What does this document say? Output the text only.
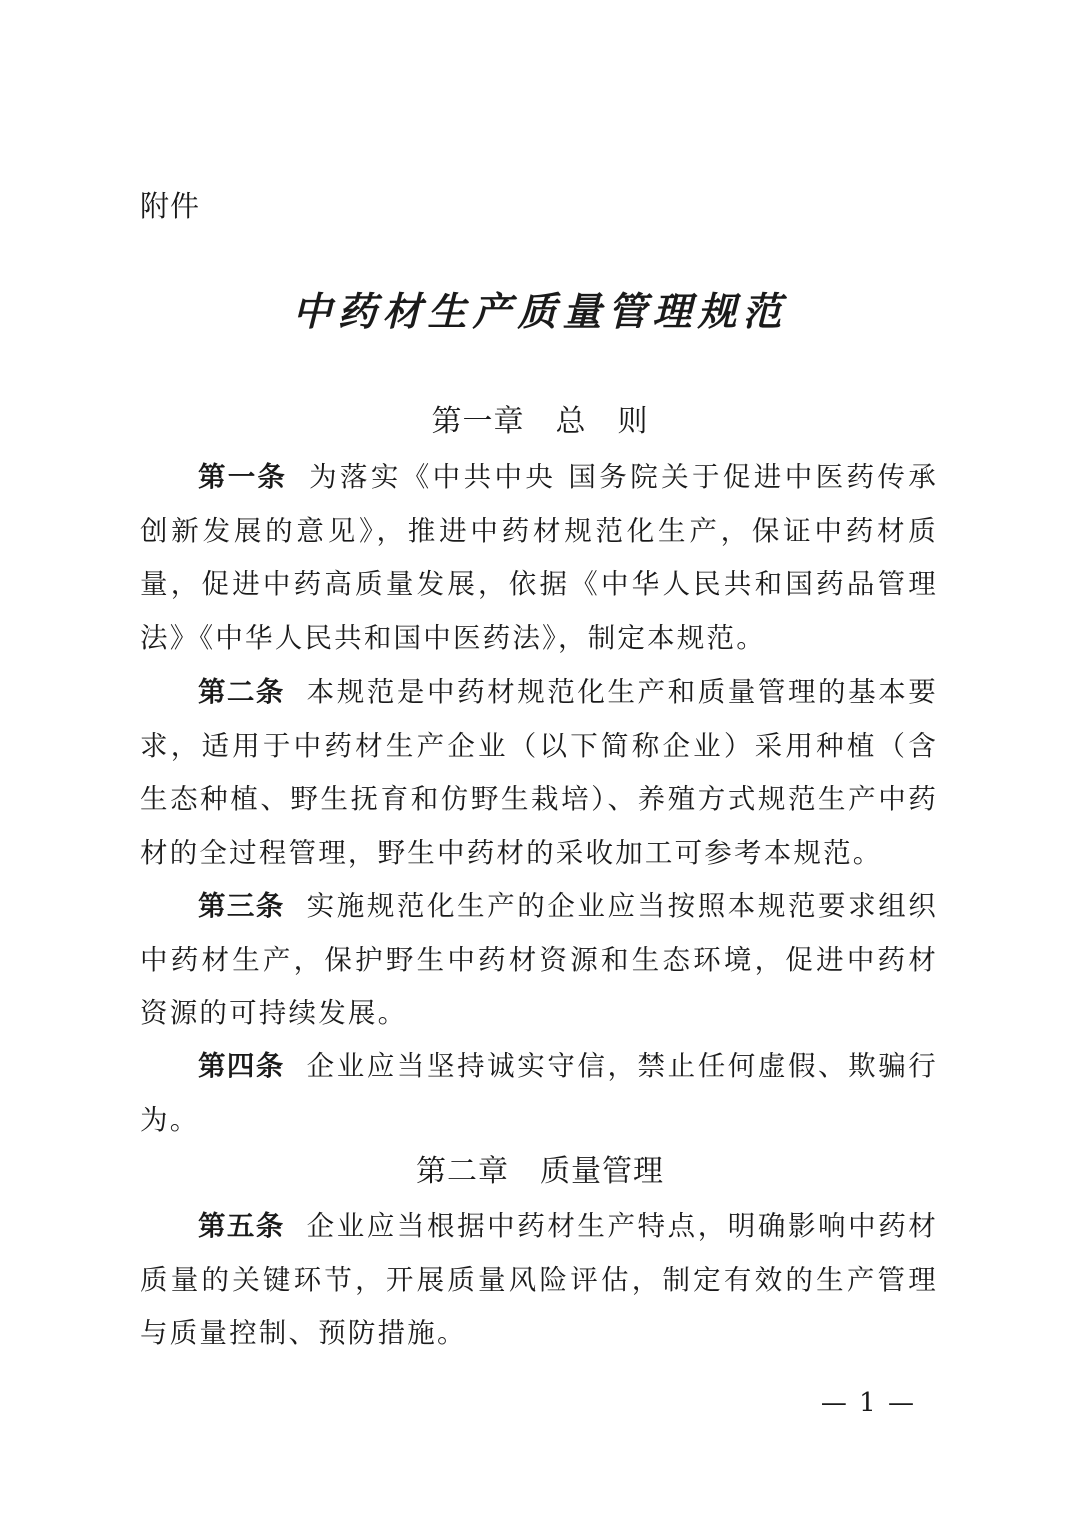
附件
中药材生产质量管理规范
第一章　总　则

第一条 为落实《中共中央 国务院关于促进中医药传承创新发展的意见》，推进中药材规范化生产，保证中药材质量，促进中药高质量发展，依据《中华人民共和国药品管理法》《中华人民共和国中医药法》，制定本规范。

第二条 本规范是中药材规范化生产和质量管理的基本要求，适用于中药材生产企业（以下简称企业）采用种植（含生态种植、野生抚育和仿野生栽培）、养殖方式规范生产中药材的全过程管理，野生中药材的采收加工可参考本规范。

第三条 实施规范化生产的企业应当按照本规范要求组织中药材生产，保护野生中药材资源和生态环境，促进中药材资源的可持续发展。

第四条 企业应当坚持诚实守信，禁止任何虚假、欺骗行为。

第二章　质量管理

第五条 企业应当根据中药材生产特点，明确影响中药材质量的关键环节，开展质量风险评估，制定有效的生产管理与质量控制、预防措施。

— 1 —
